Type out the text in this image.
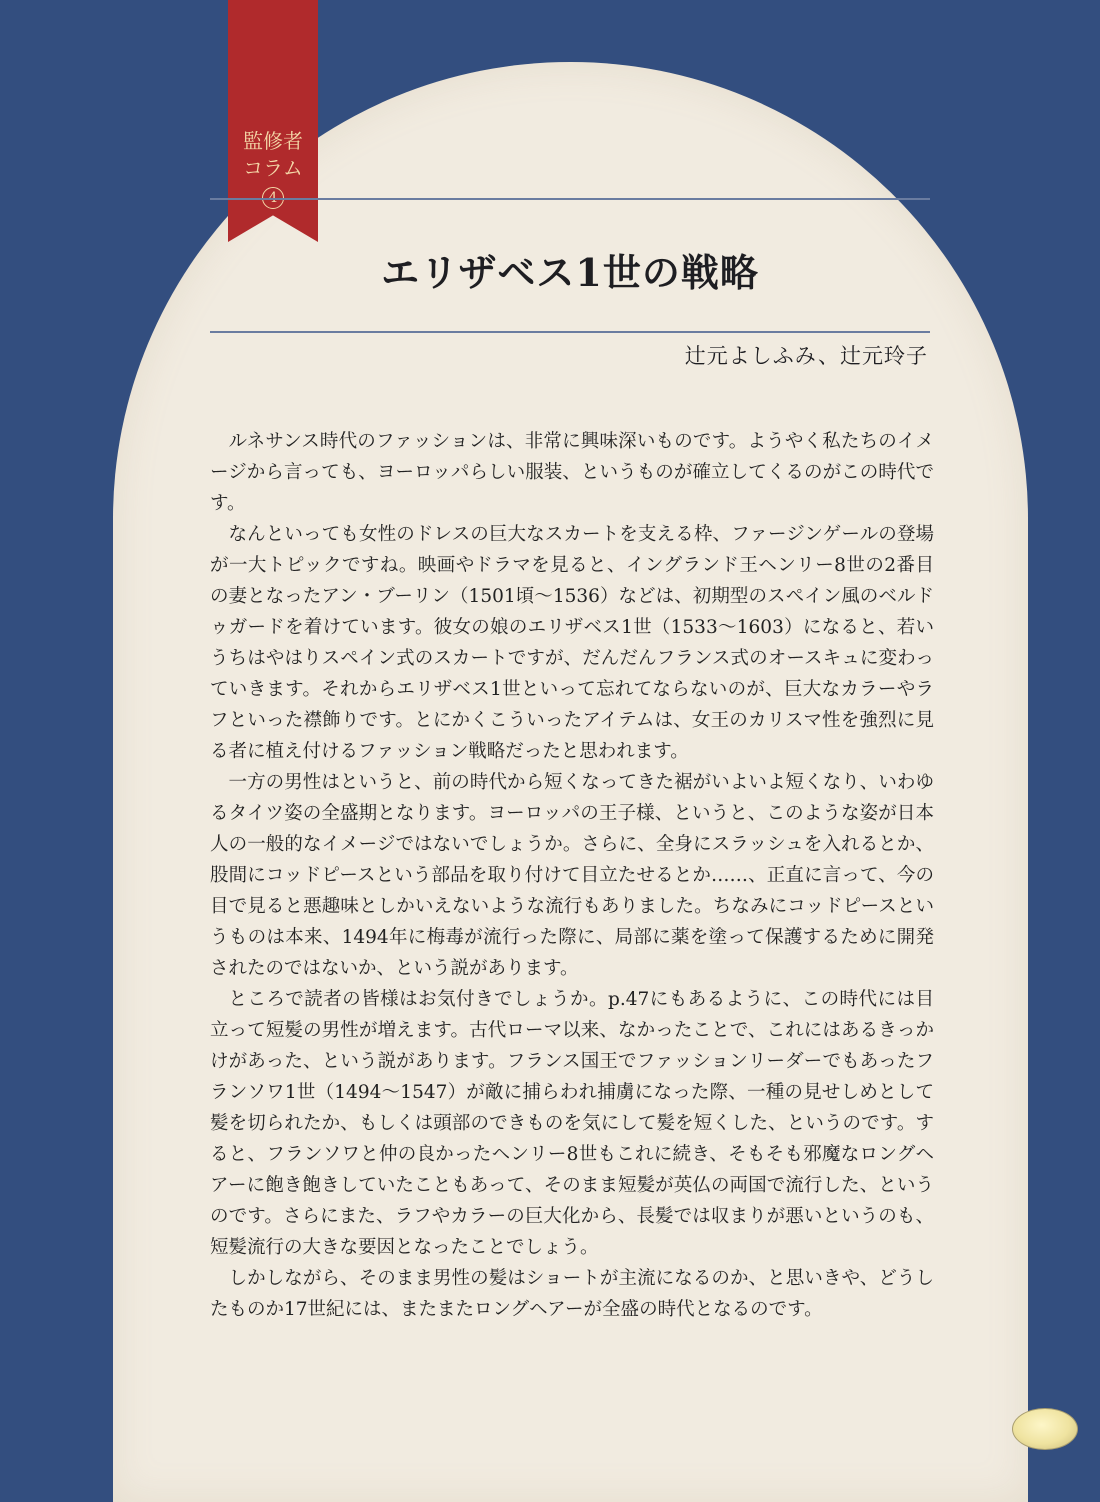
監修者
コラム
エリザベス1世の戦略
辻元よしふみ、辻元玲子

ルネサンス時代のファッションは、非常に興味深いものです。ようやく私たちのイメージから言っても、ヨーロッパらしい服装、というものが確立してくるのがこの時代です。

なんといっても女性のドレスの巨大なスカートを支える枠、ファージンゲールの登場が一大トピックですね。映画やドラマを見ると、イングランド王ヘンリー8世の2番目の妻となったアン・ブーリン（1501頃〜1536）などは、初期型のスペイン風のベルドゥガードを着けています。彼女の娘のエリザベス1世（1533〜1603）になると、若いうちはやはりスペイン式のスカートですが、だんだんフランス式のオースキュに変わっていきます。それからエリザベス1世といって忘れてならないのが、巨大なカラーやラフといった襟飾りです。とにかくこういったアイテムは、女王のカリスマ性を強烈に見る者に植え付けるファッション戦略だったと思われます。

一方の男性はというと、前の時代から短くなってきた裾がいよいよ短くなり、いわゆるタイツ姿の全盛期となります。ヨーロッパの王子様、というと、このような姿が日本人の一般的なイメージではないでしょうか。さらに、全身にスラッシュを入れるとか、股間にコッドピースという部品を取り付けて目立たせるとか……、正直に言って、今の目で見ると悪趣味としかいえないような流行もありました。ちなみにコッドピースというものは本来、1494年に梅毒が流行った際に、局部に薬を塗って保護するために開発されたのではないか、という説があります。

ところで読者の皆様はお気付きでしょうか。p.47にもあるように、この時代には目立って短髪の男性が増えます。古代ローマ以来、なかったことで、これにはあるきっかけがあった、という説があります。フランス国王でファッションリーダーでもあったフランソワ1世（1494〜1547）が敵に捕らわれ捕虜になった際、一種の見せしめとして髪を切られたか、もしくは頭部のできものを気にして髪を短くした、というのです。すると、フランソワと仲の良かったヘンリー8世もこれに続き、そもそも邪魔なロングヘアーに飽き飽きしていたこともあって、そのまま短髪が英仏の両国で流行した、というのです。さらにまた、ラフやカラーの巨大化から、長髪では収まりが悪いというのも、短髪流行の大きな要因となったことでしょう。

しかしながら、そのまま男性の髪はショートが主流になるのか、と思いきや、どうしたものか17世紀には、またまたロングヘアーが全盛の時代となるのです。
